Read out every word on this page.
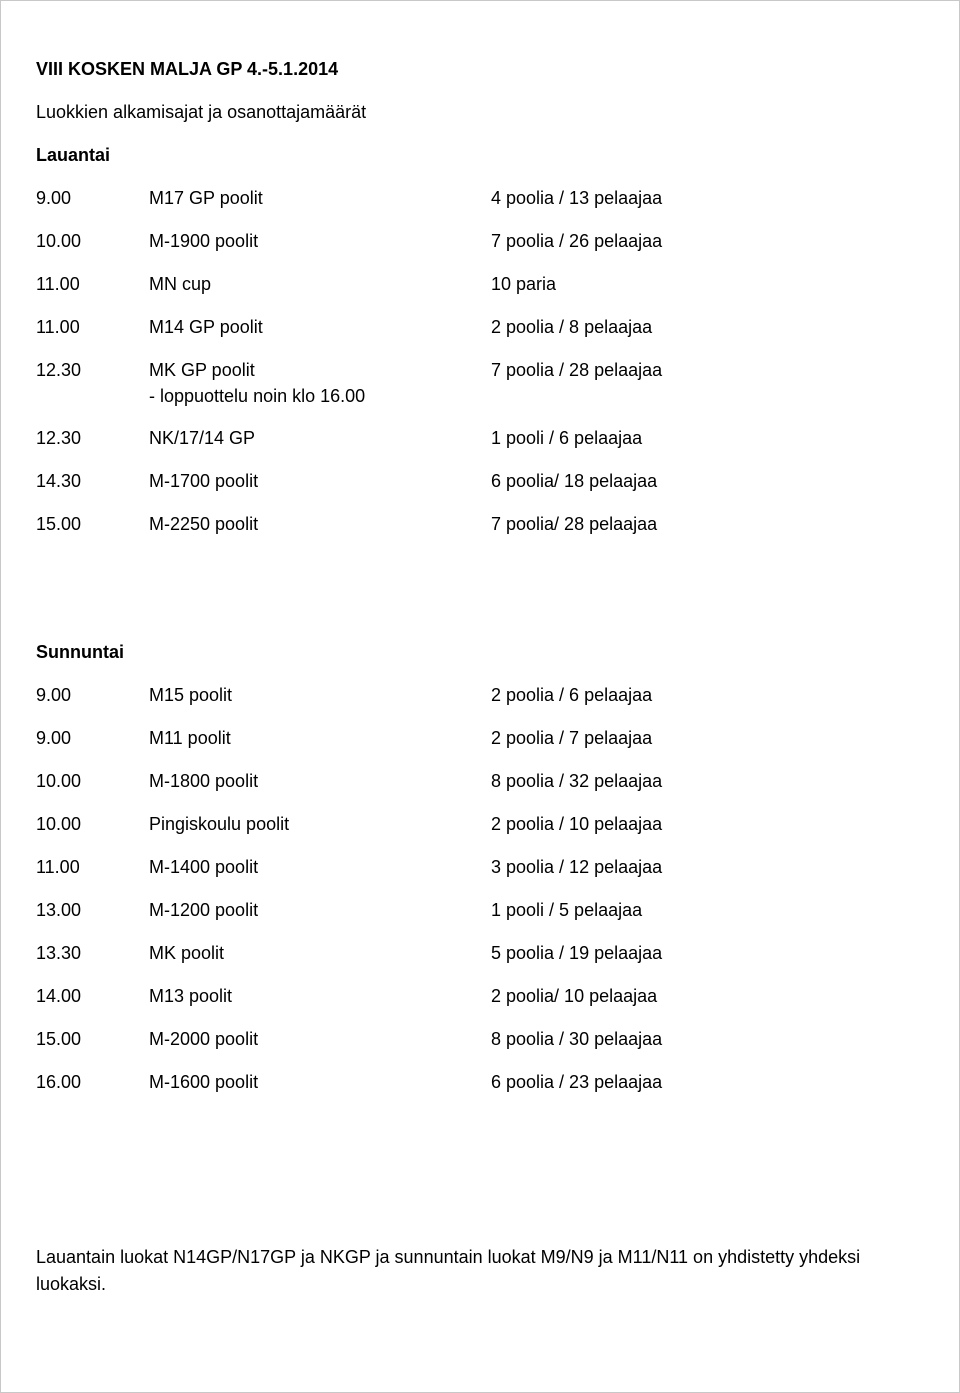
VIII KOSKEN MALJA GP 4.-5.1.2014
Luokkien alkamisajat ja osanottajamäärät
Lauantai
9.00	M17 GP poolit	4 poolia / 13 pelaajaa
10.00	M-1900 poolit	7 poolia / 26 pelaajaa
11.00	MN cup	10 paria
11.00	M14 GP poolit	2 poolia / 8 pelaajaa
12.30	MK GP poolit	7 poolia / 28 pelaajaa
- loppuottelu noin klo 16.00
12.30	NK/17/14 GP	1 pooli / 6 pelaajaa
14.30	M-1700 poolit	6 poolia/ 18 pelaajaa
15.00	M-2250 poolit	7 poolia/ 28 pelaajaa
Sunnuntai
9.00	M15 poolit	2 poolia / 6 pelaajaa
9.00	M11 poolit	2 poolia / 7 pelaajaa
10.00	M-1800 poolit	8 poolia / 32 pelaajaa
10.00	Pingiskoulu poolit	2 poolia / 10 pelaajaa
11.00	M-1400 poolit	3 poolia / 12 pelaajaa
13.00	M-1200 poolit	1 pooli / 5 pelaajaa
13.30	MK poolit	5 poolia / 19 pelaajaa
14.00	M13 poolit	2 poolia/ 10 pelaajaa
15.00	M-2000 poolit	8 poolia / 30 pelaajaa
16.00	M-1600 poolit	6 poolia / 23 pelaajaa
Lauantain luokat N14GP/N17GP ja NKGP ja sunnuntain luokat M9/N9 ja M11/N11 on yhdistetty yhdeksi luokaksi.
